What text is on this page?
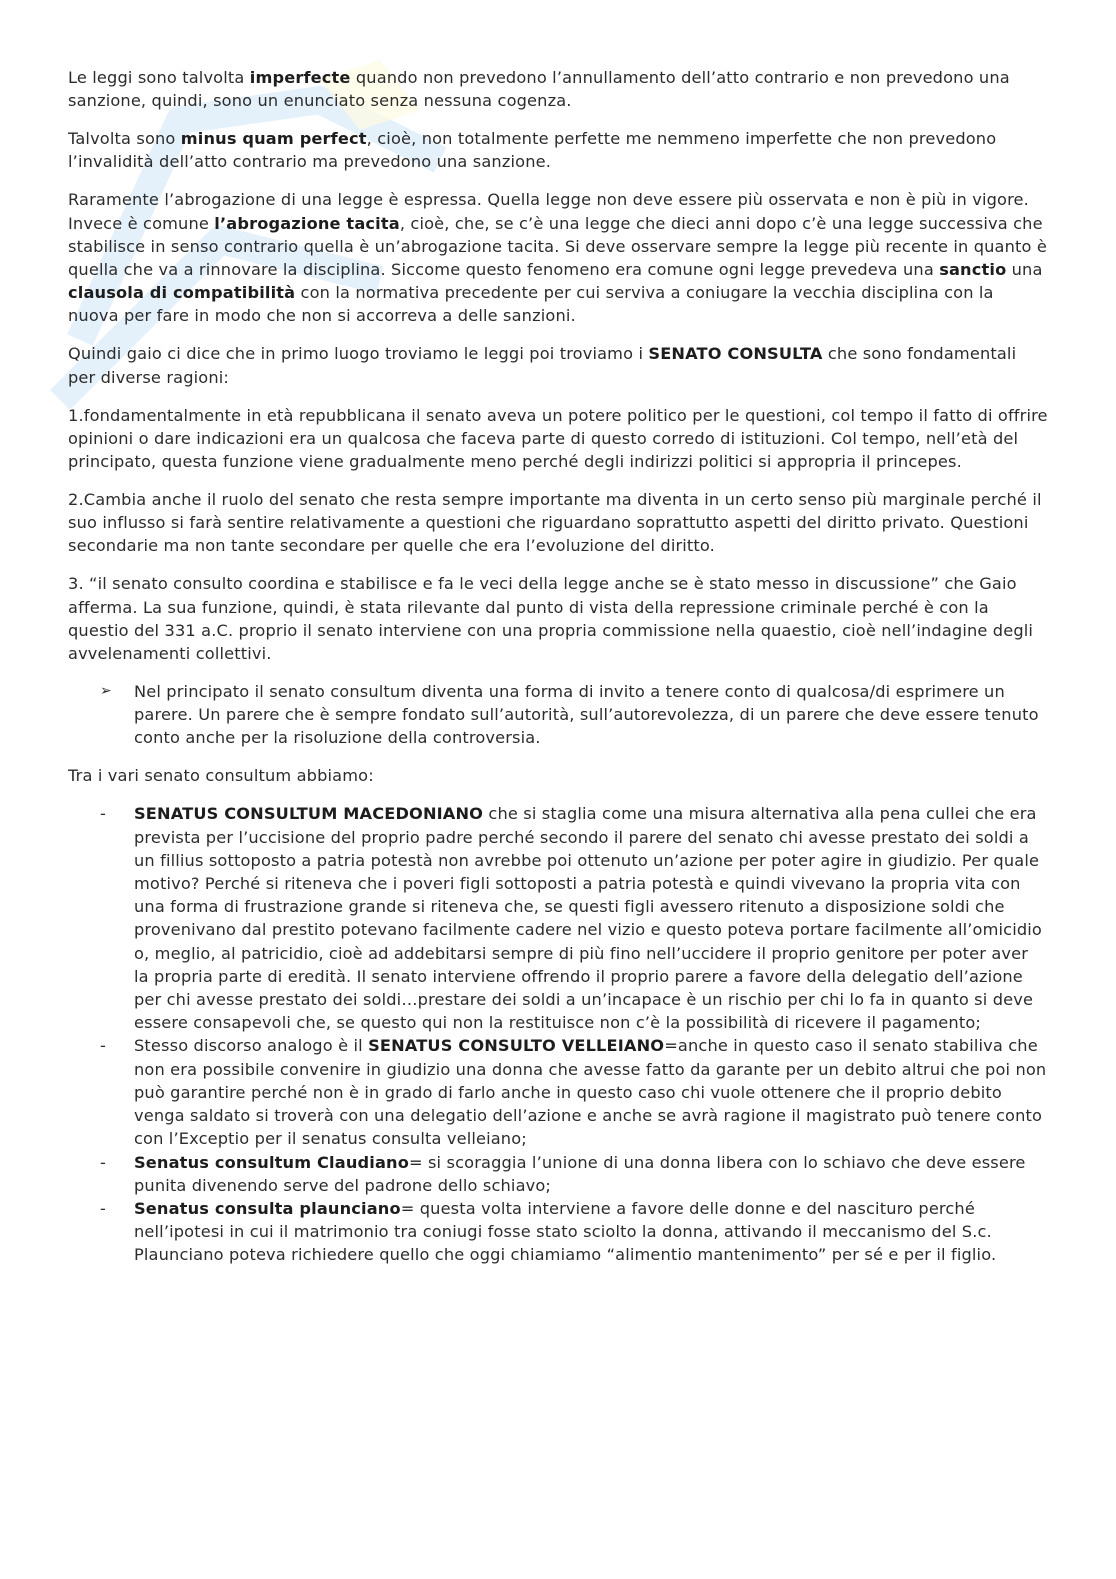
Le leggi sono talvolta imperfecte quando non prevedono l’annullamento dell’atto contrario e non prevedono una sanzione, quindi, sono un enunciato senza nessuna cogenza.

Talvolta sono minus quam perfect, cioè, non totalmente perfette me nemmeno imperfette che non prevedono l’invalidità dell’atto contrario ma prevedono una sanzione.

Raramente l’abrogazione di una legge è espressa. Quella legge non deve essere più osservata e non è più in vigore. Invece è comune l’abrogazione tacita, cioè, che, se c’è una legge che dieci anni dopo c’è una legge successiva che stabilisce in senso contrario quella è un’abrogazione tacita. Si deve osservare sempre la legge più recente in quanto è quella che va a rinnovare la disciplina. Siccome questo fenomeno era comune ogni legge prevedeva una sanctio una clausola di compatibilità con la normativa precedente per cui serviva a coniugare la vecchia disciplina con la nuova per fare in modo che non si accorreva a delle sanzioni.

Quindi gaio ci dice che in primo luogo troviamo le leggi poi troviamo i SENATO CONSULTA che sono fondamentali per diverse ragioni:

1.fondamentalmente in età repubblicana il senato aveva un potere politico per le questioni, col tempo il fatto di offrire opinioni o dare indicazioni era un qualcosa che faceva parte di questo corredo di istituzioni. Col tempo, nell’età del principato, questa funzione viene gradualmente meno perché degli indirizzi politici si appropria il princepes.

2.Cambia anche il ruolo del senato che resta sempre importante ma diventa in un certo senso più marginale perché il suo influsso si farà sentire relativamente a questioni che riguardano soprattutto aspetti del diritto privato. Questioni secondarie ma non tante secondare per quelle che era l’evoluzione del diritto.

3. “il senato consulto coordina e stabilisce e fa le veci della legge anche se è stato messo in discussione” che Gaio afferma. La sua funzione, quindi, è stata rilevante dal punto di vista della repressione criminale perché è con la questio del 331 a.C. proprio il senato interviene con una propria commissione nella quaestio, cioè nell’indagine degli avvelenamenti collettivi.

➢ Nel principato il senato consultum diventa una forma di invito a tenere conto di qualcosa/di esprimere un parere. Un parere che è sempre fondato sull’autorità, sull’autorevolezza, di un parere che deve essere tenuto conto anche per la risoluzione della controversia.

Tra i vari senato consultum abbiamo:

- SENATUS CONSULTUM MACEDONIANO che si staglia come una misura alternativa alla pena cullei che era prevista per l’uccisione del proprio padre perché secondo il parere del senato chi avesse prestato dei soldi a un fillius sottoposto a patria potestà non avrebbe poi ottenuto un’azione per poter agire in giudizio. Per quale motivo? Perché si riteneva che i poveri figli sottoposti a patria potestà e quindi vivevano la propria vita con una forma di frustrazione grande si riteneva che, se questi figli avessero ritenuto a disposizione soldi che provenivano dal prestito potevano facilmente cadere nel vizio e questo poteva portare facilmente all’omicidio o, meglio, al patricidio, cioè ad addebitarsi sempre di più fino nell’uccidere il proprio genitore per poter aver la propria parte di eredità. Il senato interviene offrendo il proprio parere a favore della delegatio dell’azione per chi avesse prestato dei soldi…prestare dei soldi a un’incapace è un rischio per chi lo fa in quanto si deve essere consapevoli che, se questo qui non la restituisce non c’è la possibilità di ricevere il pagamento;
- Stesso discorso analogo è il SENATUS CONSULTO VELLEIANO=anche in questo caso il senato stabiliva che non era possibile convenire in giudizio una donna che avesse fatto da garante per un debito altrui che poi non può garantire perché non è in grado di farlo anche in questo caso chi vuole ottenere che il proprio debito venga saldato si troverà con una delegatio dell’azione e anche se avrà ragione il magistrato può tenere conto con l’Exceptio per il senatus consulta velleiano;
- Senatus consultum Claudiano= si scoraggia l’unione di una donna libera con lo schiavo che deve essere punita divenendo serve del padrone dello schiavo;
- Senatus consulta plaunciano= questa volta interviene a favore delle donne e del nascituro perché nell’ipotesi in cui il matrimonio tra coniugi fosse stato sciolto la donna, attivando il meccanismo del S.c. Plaunciano poteva richiedere quello che oggi chiamiamo “alimentio mantenimento” per sé e per il figlio.
